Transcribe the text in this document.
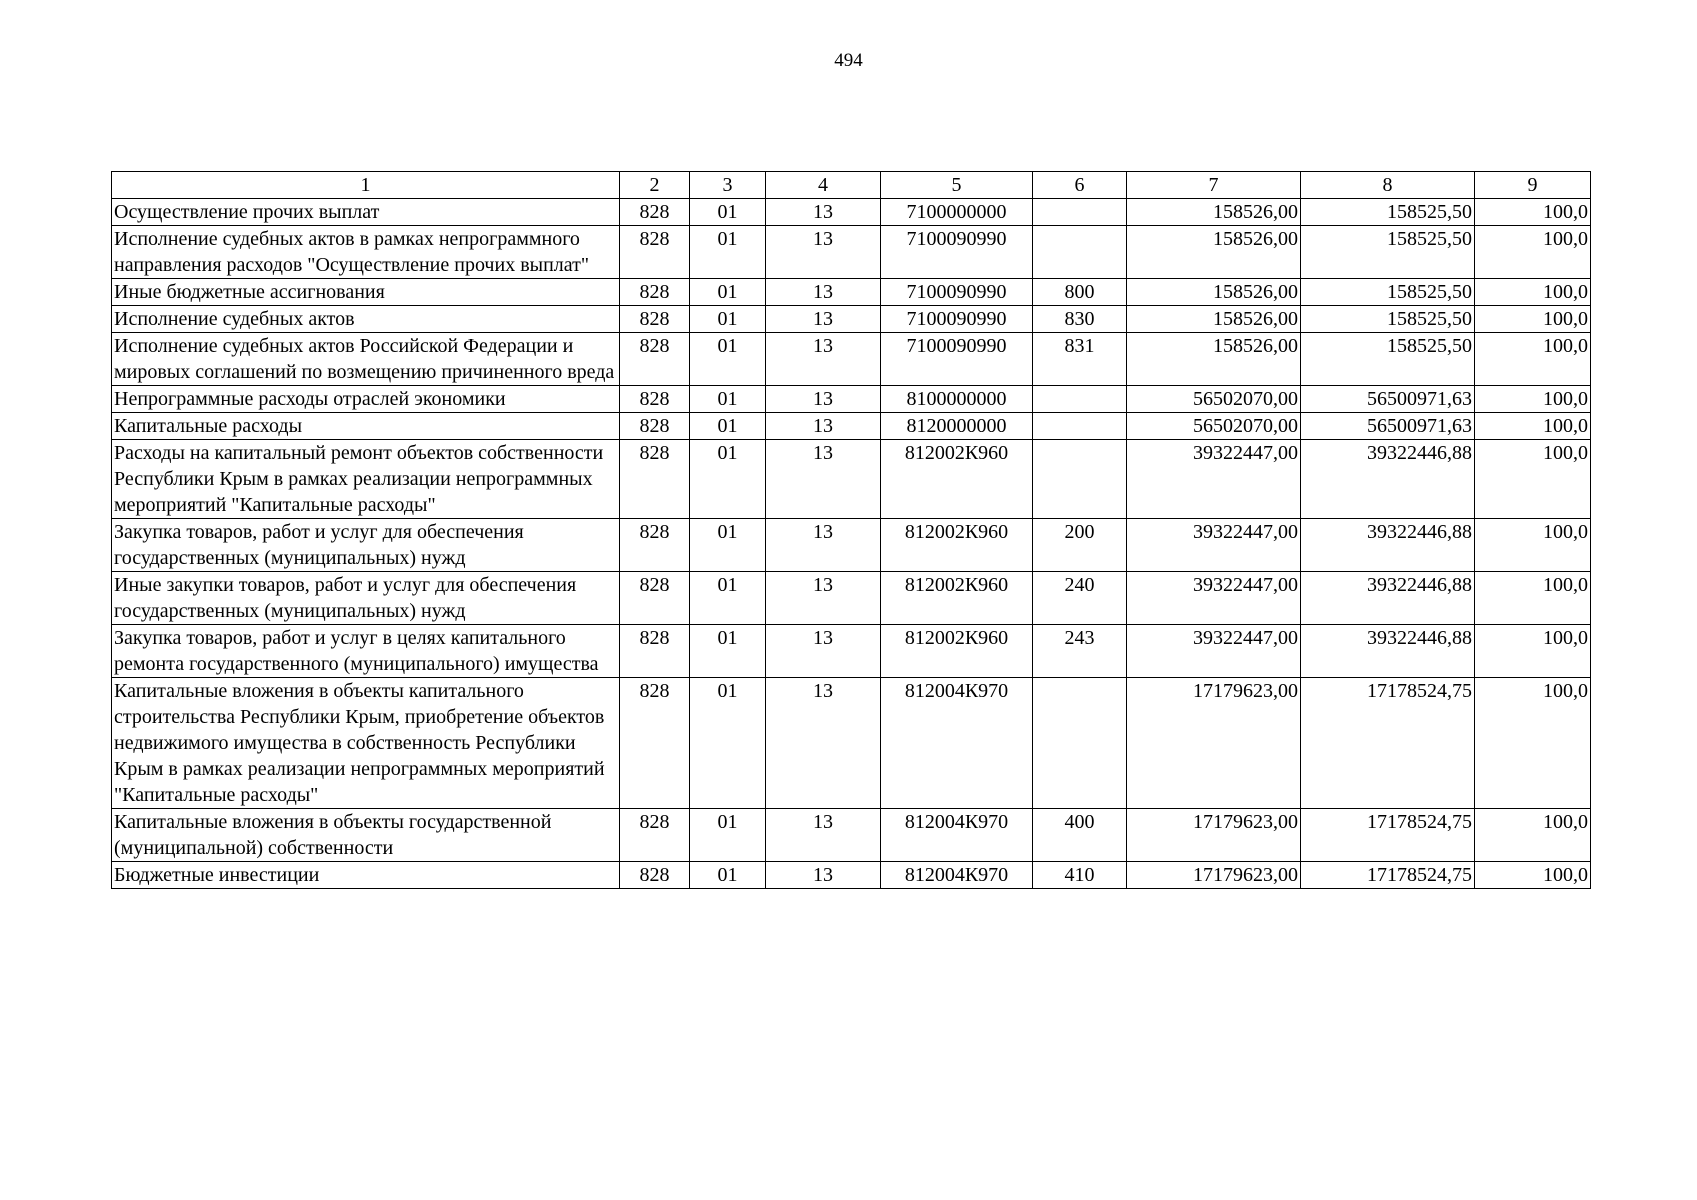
494
1	2	3	4	5	6	7	8	9
Осуществление прочих выплат	828	01	13	7100000000		158526,00	158525,50	100,0
Исполнение судебных актов в рамках непрограммного направления расходов "Осуществление прочих выплат"	828	01	13	7100090990		158526,00	158525,50	100,0
Иные бюджетные ассигнования	828	01	13	7100090990	800	158526,00	158525,50	100,0
Исполнение судебных актов	828	01	13	7100090990	830	158526,00	158525,50	100,0
Исполнение судебных актов Российской Федерации и мировых соглашений по возмещению причиненного вреда	828	01	13	7100090990	831	158526,00	158525,50	100,0
Непрограммные расходы отраслей экономики	828	01	13	8100000000		56502070,00	56500971,63	100,0
Капитальные расходы	828	01	13	8120000000		56502070,00	56500971,63	100,0
Расходы на капитальный ремонт объектов собственности Республики Крым в рамках реализации непрограммных мероприятий "Капитальные расходы"	828	01	13	812002К960		39322447,00	39322446,88	100,0
Закупка товаров, работ и услуг для обеспечения государственных (муниципальных) нужд	828	01	13	812002К960	200	39322447,00	39322446,88	100,0
Иные закупки товаров, работ и услуг для обеспечения государственных (муниципальных) нужд	828	01	13	812002К960	240	39322447,00	39322446,88	100,0
Закупка товаров, работ и услуг в целях капитального ремонта государственного (муниципального) имущества	828	01	13	812002К960	243	39322447,00	39322446,88	100,0
Капитальные вложения в объекты капитального строительства Республики Крым, приобретение объектов недвижимого имущества в собственность Республики Крым в рамках реализации непрограммных мероприятий "Капитальные расходы"	828	01	13	812004К970		17179623,00	17178524,75	100,0
Капитальные вложения в объекты государственной (муниципальной) собственности	828	01	13	812004К970	400	17179623,00	17178524,75	100,0
Бюджетные инвестиции	828	01	13	812004К970	410	17179623,00	17178524,75	100,0
